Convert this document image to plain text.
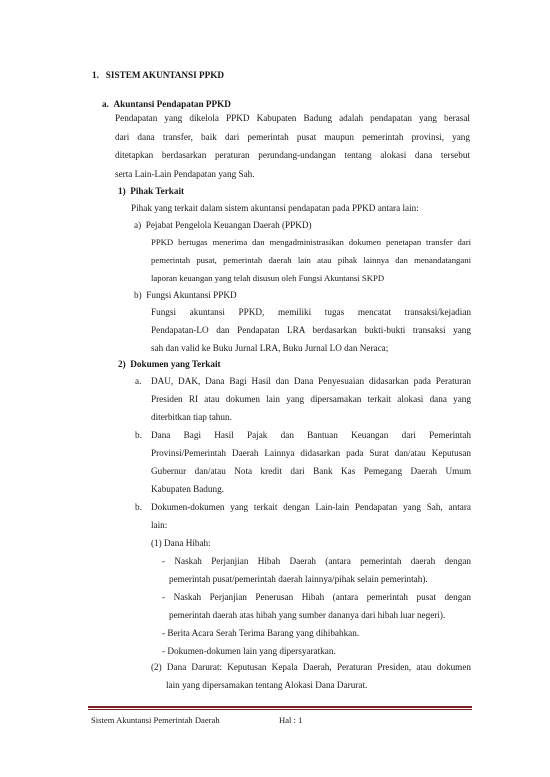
1.   SISTEM AKUNTANSI PPKD
a.  Akuntansi Pendapatan PPKD
Pendapatan yang dikelola PPKD Kabupaten Badung adalah pendapatan yang berasal
dari dana transfer, baik dari pemerintah pusat maupun pemerintah provinsi, yang
ditetapkan berdasarkan peraturan perundang-undangan tentang alokasi dana tersebut
serta Lain-Lain Pendapatan yang Sah.
1)  Pihak Terkait
Pihak yang terkait dalam sistem akuntansi pendapatan pada PPKD antara lain:
a)  Pejabat Pengelola Keuangan Daerah (PPKD)
PPKD bertugas menerima dan mengadministrasikan dokumen penetapan transfer dari
pemerintah pusat, pemerintah daerah lain atau pihak lainnya dan menandatangani
laporan keuangan yang telah disusun oleh Fungsi Akuntansi SKPD
b)  Fungsi Akuntansi PPKD
Fungsi akuntansi PPKD, memiliki tugas mencatat transaksi/kejadian
Pendapatan-LO dan Pendapatan LRA berdasarkan bukti-bukti transaksi yang
sah dan valid ke Buku Jurnal LRA, Buku Jurnal LO dan Neraca;
2)  Dokumen yang Terkait
a. DAU, DAK, Dana Bagi Hasil dan Dana Penyesuaian didasarkan pada Peraturan
Presiden RI atau dokumen lain yang dipersamakan terkait alokasi dana yang
diterbitkan tiap tahun.
b. Dana Bagi Hasil Pajak dan Bantuan Keuangan dari Pemerintah
Provinsi/Pemerintah Daerah Lainnya didasarkan pada Surat dan/atau Keputusan
Gubernur dan/atau Nota kredit dari Bank Kas Pemegang Daerah Umum
Kabupaten Badung.
b. Dokumen-dokumen yang terkait dengan Lain-lain Pendapatan yang Sah, antara
lain:
(1) Dana Hibah:
- Naskah Perjanjian Hibah Daerah (antara pemerintah daerah dengan
pemerintah pusat/pemerintah daerah lainnya/pihak selain pemerintah).
- Naskah Perjanjian Penerusan Hibah (antara pemerintah pusat dengan
pemerintah daerah atas hibah yang sumber dananya dari hibah luar negeri).
- Berita Acara Serah Terima Barang yang dihibahkan.
- Dokumen-dokumen lain yang dipersyaratkan.
(2) Dana Darurat: Keputusan Kepala Daerah, Peraturan Presiden, atau dokumen
lain yang dipersamakan tentang Alokasi Dana Darurat.
Sistem Akuntansi Pemerintah Daerah	Hal : 1
